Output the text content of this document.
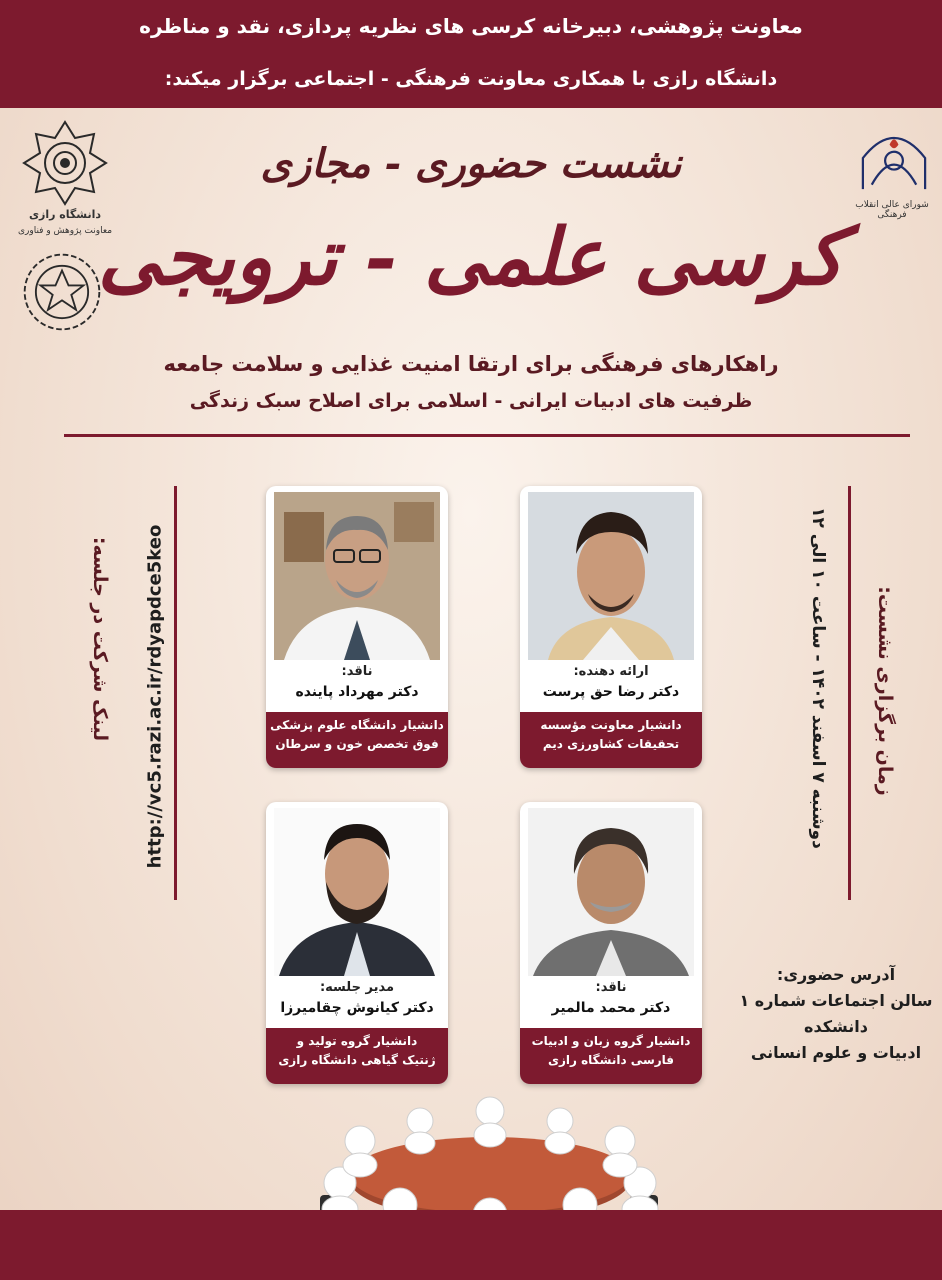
معاونت پژوهشی، دبیرخانه کرسی های نظریه پردازی، نقد و مناظره
دانشگاه رازی با همکاری معاونت فرهنگی - اجتماعی برگزار میکند:
دانشگاه رازی
معاونت پژوهش و فناوری
شورای عالی انقلاب فرهنگی
نشست حضوری - مجازی
کرسی علمی - ترویجی
راهکارهای فرهنگی برای ارتقا امنیت غذایی و سلامت جامعه
ظرفیت های ادبیات ایرانی - اسلامی برای اصلاح سبک زندگی
ارائه دهنده:
دکتر رضا حق پرست
دانشیار معاونت مؤسسه
تحقیقات کشاورزی دیم
ناقد:
دکتر مهرداد پاینده
دانشیار دانشگاه علوم پزشکی
فوق تخصص خون و سرطان
ناقد:
دکتر محمد مالمیر
دانشیار گروه زبان و ادبیات
فارسی دانشگاه رازی
مدیر جلسه:
دکتر کیانوش چقامیرزا
دانشیار گروه تولید و
ژنتیک گیاهی دانشگاه رازی
زمان برگزاری نشست:
دوشنبه ۷ اسفند ۱۴۰۲ - ساعت ۱۰ الی ۱۲
لینک شرکت در جلسه: http://vc5.razi.ac.ir/rdyapdce5keo
آدرس حضوری:
سالن اجتماعات شماره ۱
دانشکده
ادبیات و علوم انسانی
